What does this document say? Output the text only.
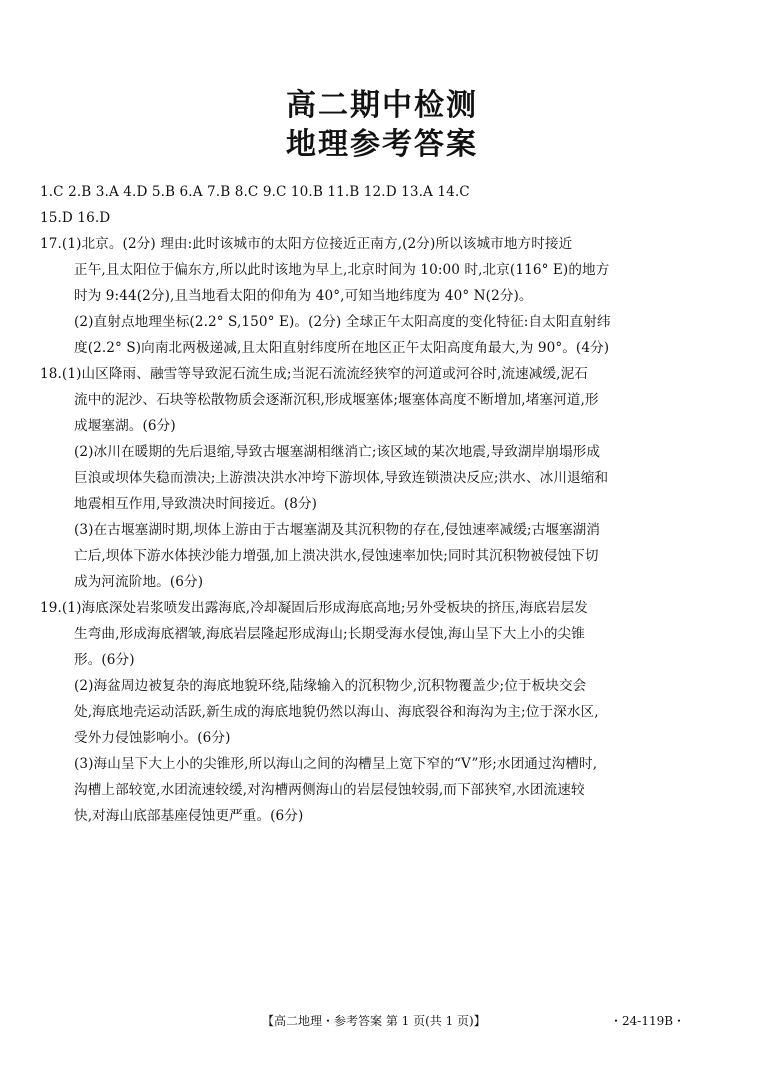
高二期中检测
地理参考答案
1.C 2.B 3.A 4.D 5.B 6.A 7.B 8.C 9.C 10.B 11.B 12.D 13.A 14.C
15.D 16.D
17.(1)北京。(2分) 理由:此时该城市的太阳方位接近正南方,(2分)所以该城市地方时接近
正午,且太阳位于偏东方,所以此时该地为早上,北京时间为 10:00 时,北京(116° E)的地方
时为 9:44(2分),且当地看太阳的仰角为 40°,可知当地纬度为 40° N(2分)。
(2)直射点地理坐标(2.2° S,150° E)。(2分) 全球正午太阳高度的变化特征:自太阳直射纬
度(2.2° S)向南北两极递减,且太阳直射纬度所在地区正午太阳高度角最大,为 90°。(4分)
18.(1)山区降雨、融雪等导致泥石流生成;当泥石流流经狭窄的河道或河谷时,流速减缓,泥石
流中的泥沙、石块等松散物质会逐渐沉积,形成堰塞体;堰塞体高度不断增加,堵塞河道,形
成堰塞湖。(6分)
(2)冰川在暖期的先后退缩,导致古堰塞湖相继消亡;该区域的某次地震,导致湖岸崩塌形成
巨浪或坝体失稳而溃决;上游溃决洪水冲垮下游坝体,导致连锁溃决反应;洪水、冰川退缩和
地震相互作用,导致溃决时间接近。(8分)
(3)在古堰塞湖时期,坝体上游由于古堰塞湖及其沉积物的存在,侵蚀速率减缓;古堰塞湖消
亡后,坝体下游水体挟沙能力增强,加上溃决洪水,侵蚀速率加快;同时其沉积物被侵蚀下切
成为河流阶地。(6分)
19.(1)海底深处岩浆喷发出露海底,冷却凝固后形成海底高地;另外受板块的挤压,海底岩层发
生弯曲,形成海底褶皱,海底岩层隆起形成海山;长期受海水侵蚀,海山呈下大上小的尖锥
形。(6分)
(2)海盆周边被复杂的海底地貌环绕,陆缘输入的沉积物少,沉积物覆盖少;位于板块交会
处,海底地壳运动活跃,新生成的海底地貌仍然以海山、海底裂谷和海沟为主;位于深水区,
受外力侵蚀影响小。(6分)
(3)海山呈下大上小的尖锥形,所以海山之间的沟槽呈上宽下窄的“V”形;水团通过沟槽时,
沟槽上部较宽,水团流速较缓,对沟槽两侧海山的岩层侵蚀较弱,而下部狭窄,水团流速较
快,对海山底部基座侵蚀更严重。(6分)
【高二地理・参考答案 第 1 页(共 1 页)】	・24-119B・
